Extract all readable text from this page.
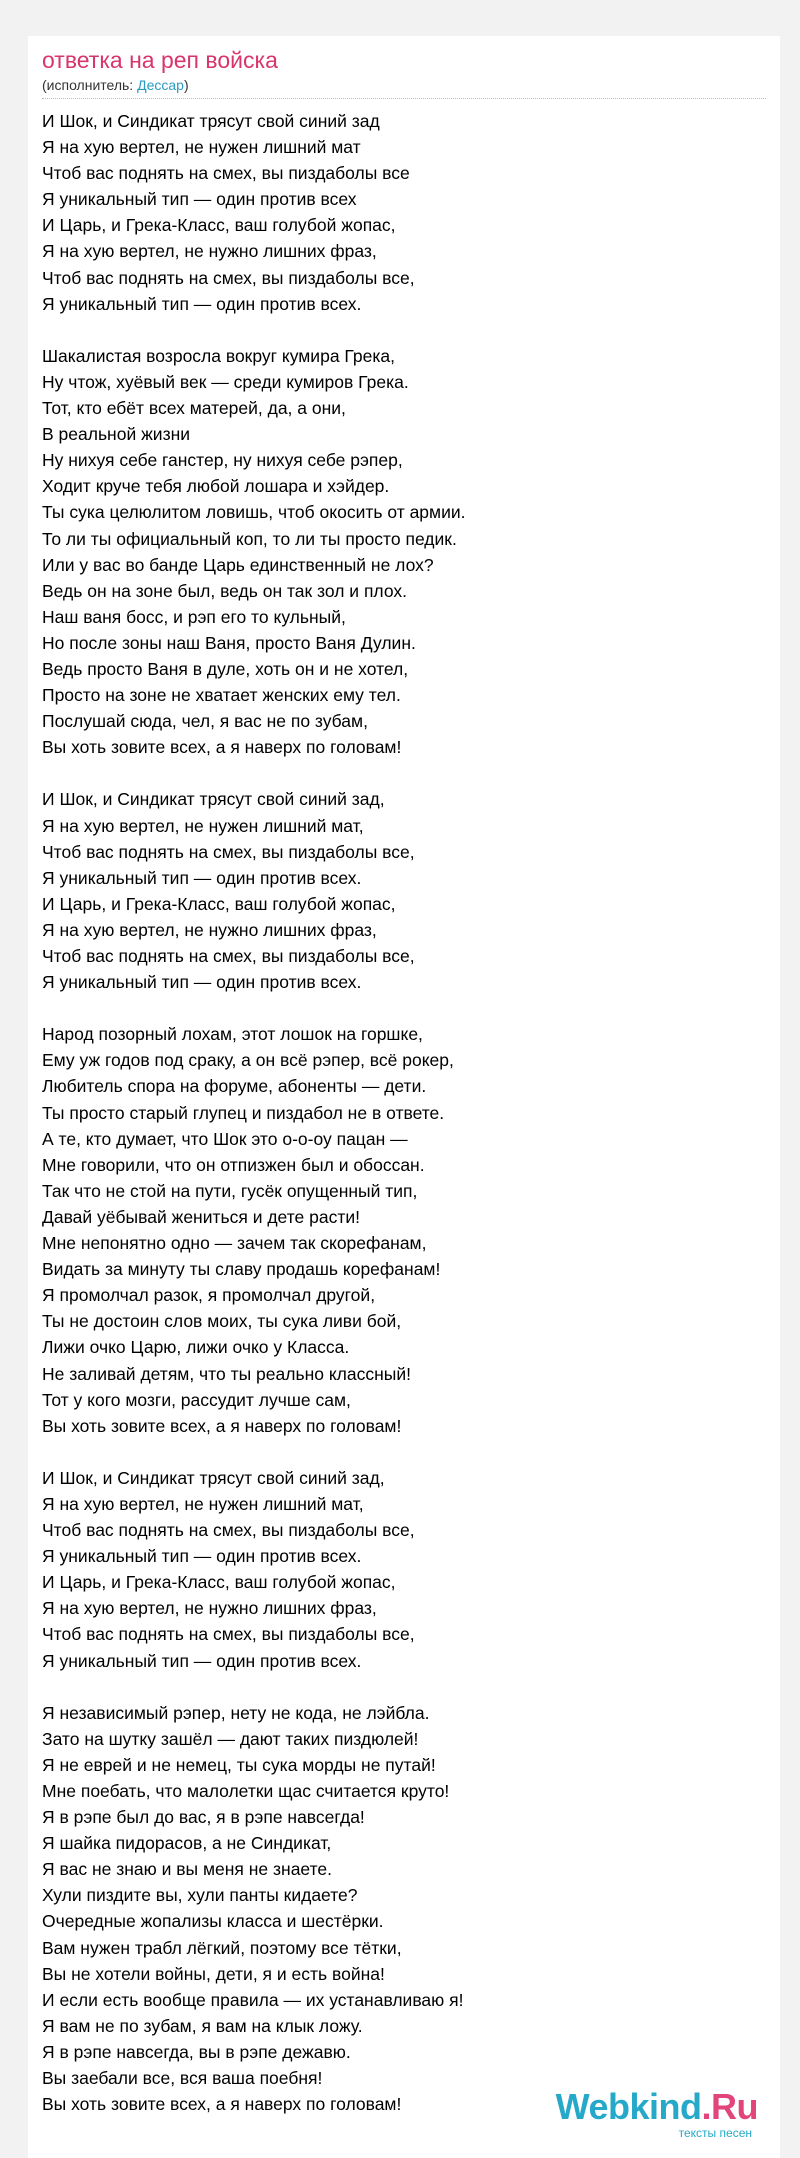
ответка на реп войска
(исполнитель: Дессар)
И Шок, и Синдикат трясут свой синий зад
Я на хую вертел, не нужен лишний мат
Чтоб вас поднять на смех, вы пиздаболы все
Я уникальный тип — один против всех
И Царь, и Грека-Класс, ваш голубой жопас,
Я на хую вертел, не нужно лишних фраз,
Чтоб вас поднять на смех, вы пиздаболы все,
Я уникальный тип — один против всех.
Шакалистая возросла вокруг кумира Грека,
Ну чтож, хуёвый век — среди кумиров Грека.
Тот, кто ебёт всех матерей, да, а они,
В реальной жизни
Ну нихуя себе ганстер, ну нихуя себе рэпер,
Ходит круче тебя любой лошара и хэйдер.
Ты сука целюлитом ловишь, чтоб окосить от армии.
То ли ты официальный коп, то ли ты просто педик.
Или у вас во банде Царь единственный не лох?
Ведь он на зоне был, ведь он так зол и плох.
Наш ваня босс, и рэп его то кульный,
Но после зоны наш Ваня, просто Ваня Дулин.
Ведь просто Ваня в дуле, хоть он и не хотел,
Просто на зоне не хватает женских ему тел.
Послушай сюда, чел, я вас не по зубам,
Вы хоть зовите всех, а я наверх по головам!
И Шок, и Синдикат трясут свой синий зад,
Я на хую вертел, не нужен лишний мат,
Чтоб вас поднять на смех, вы пиздаболы все,
Я уникальный тип — один против всех.
И Царь, и Грека-Класс, ваш голубой жопас,
Я на хую вертел, не нужно лишних фраз,
Чтоб вас поднять на смех, вы пиздаболы все,
Я уникальный тип — один против всех.
Народ позорный лохам, этот лошок на горшке,
Ему уж годов под сраку, а он всё рэпер, всё рокер,
Любитель спора на форуме, абоненты — дети.
Ты просто старый глупец и пиздабол не в ответе.
А те, кто думает, что Шок это о-о-оу пацан —
Мне говорили, что он отпизжен был и обоссан.
Так что не стой на пути, гусёк опущенный тип,
Давай уёбывай жениться и дете расти!
Мне непонятно одно — зачем так скорефанам,
Видать за минуту ты славу продашь корефанам!
Я промолчал разок, я промолчал другой,
Ты не достоин слов моих, ты сука ливи бой,
Лижи очко Царю, лижи очко у Класса.
Не заливай детям, что ты реально классный!
Тот у кого мозги, рассудит лучше сам,
Вы хоть зовите всех, а я наверх по головам!
И Шок, и Синдикат трясут свой синий зад,
Я на хую вертел, не нужен лишний мат,
Чтоб вас поднять на смех, вы пиздаболы все,
Я уникальный тип — один против всех.
И Царь, и Грека-Класс, ваш голубой жопас,
Я на хую вертел, не нужно лишних фраз,
Чтоб вас поднять на смех, вы пиздаболы все,
Я уникальный тип — один против всех.
Я независимый рэпер, нету не кода, не лэйбла.
Зато на шутку зашёл — дают таких пиздюлей!
Я не еврей и не немец, ты сука морды не путай!
Мне поебать, что малолетки щас считается круто!
Я в рэпе был до вас, я в рэпе навсегда!
Я шайка пидорасов, а не Синдикат,
Я вас не знаю и вы меня не знаете.
Хули пиздите вы, хули панты кидаете?
Очередные жопализы класса и шестёрки.
Вам нужен трабл лёгкий, поэтому все тётки,
Вы не хотели войны, дети, я и есть война!
И если есть вообще правила — их устанавливаю я!
Я вам не по зубам, я вам на клык ложу.
Я в рэпе навсегда, вы в рэпе дежавю.
Вы заебали все, вся ваша поебня!
Вы хоть зовите всех, а я наверх по головам!	Webkind.Ru
тексты песен
